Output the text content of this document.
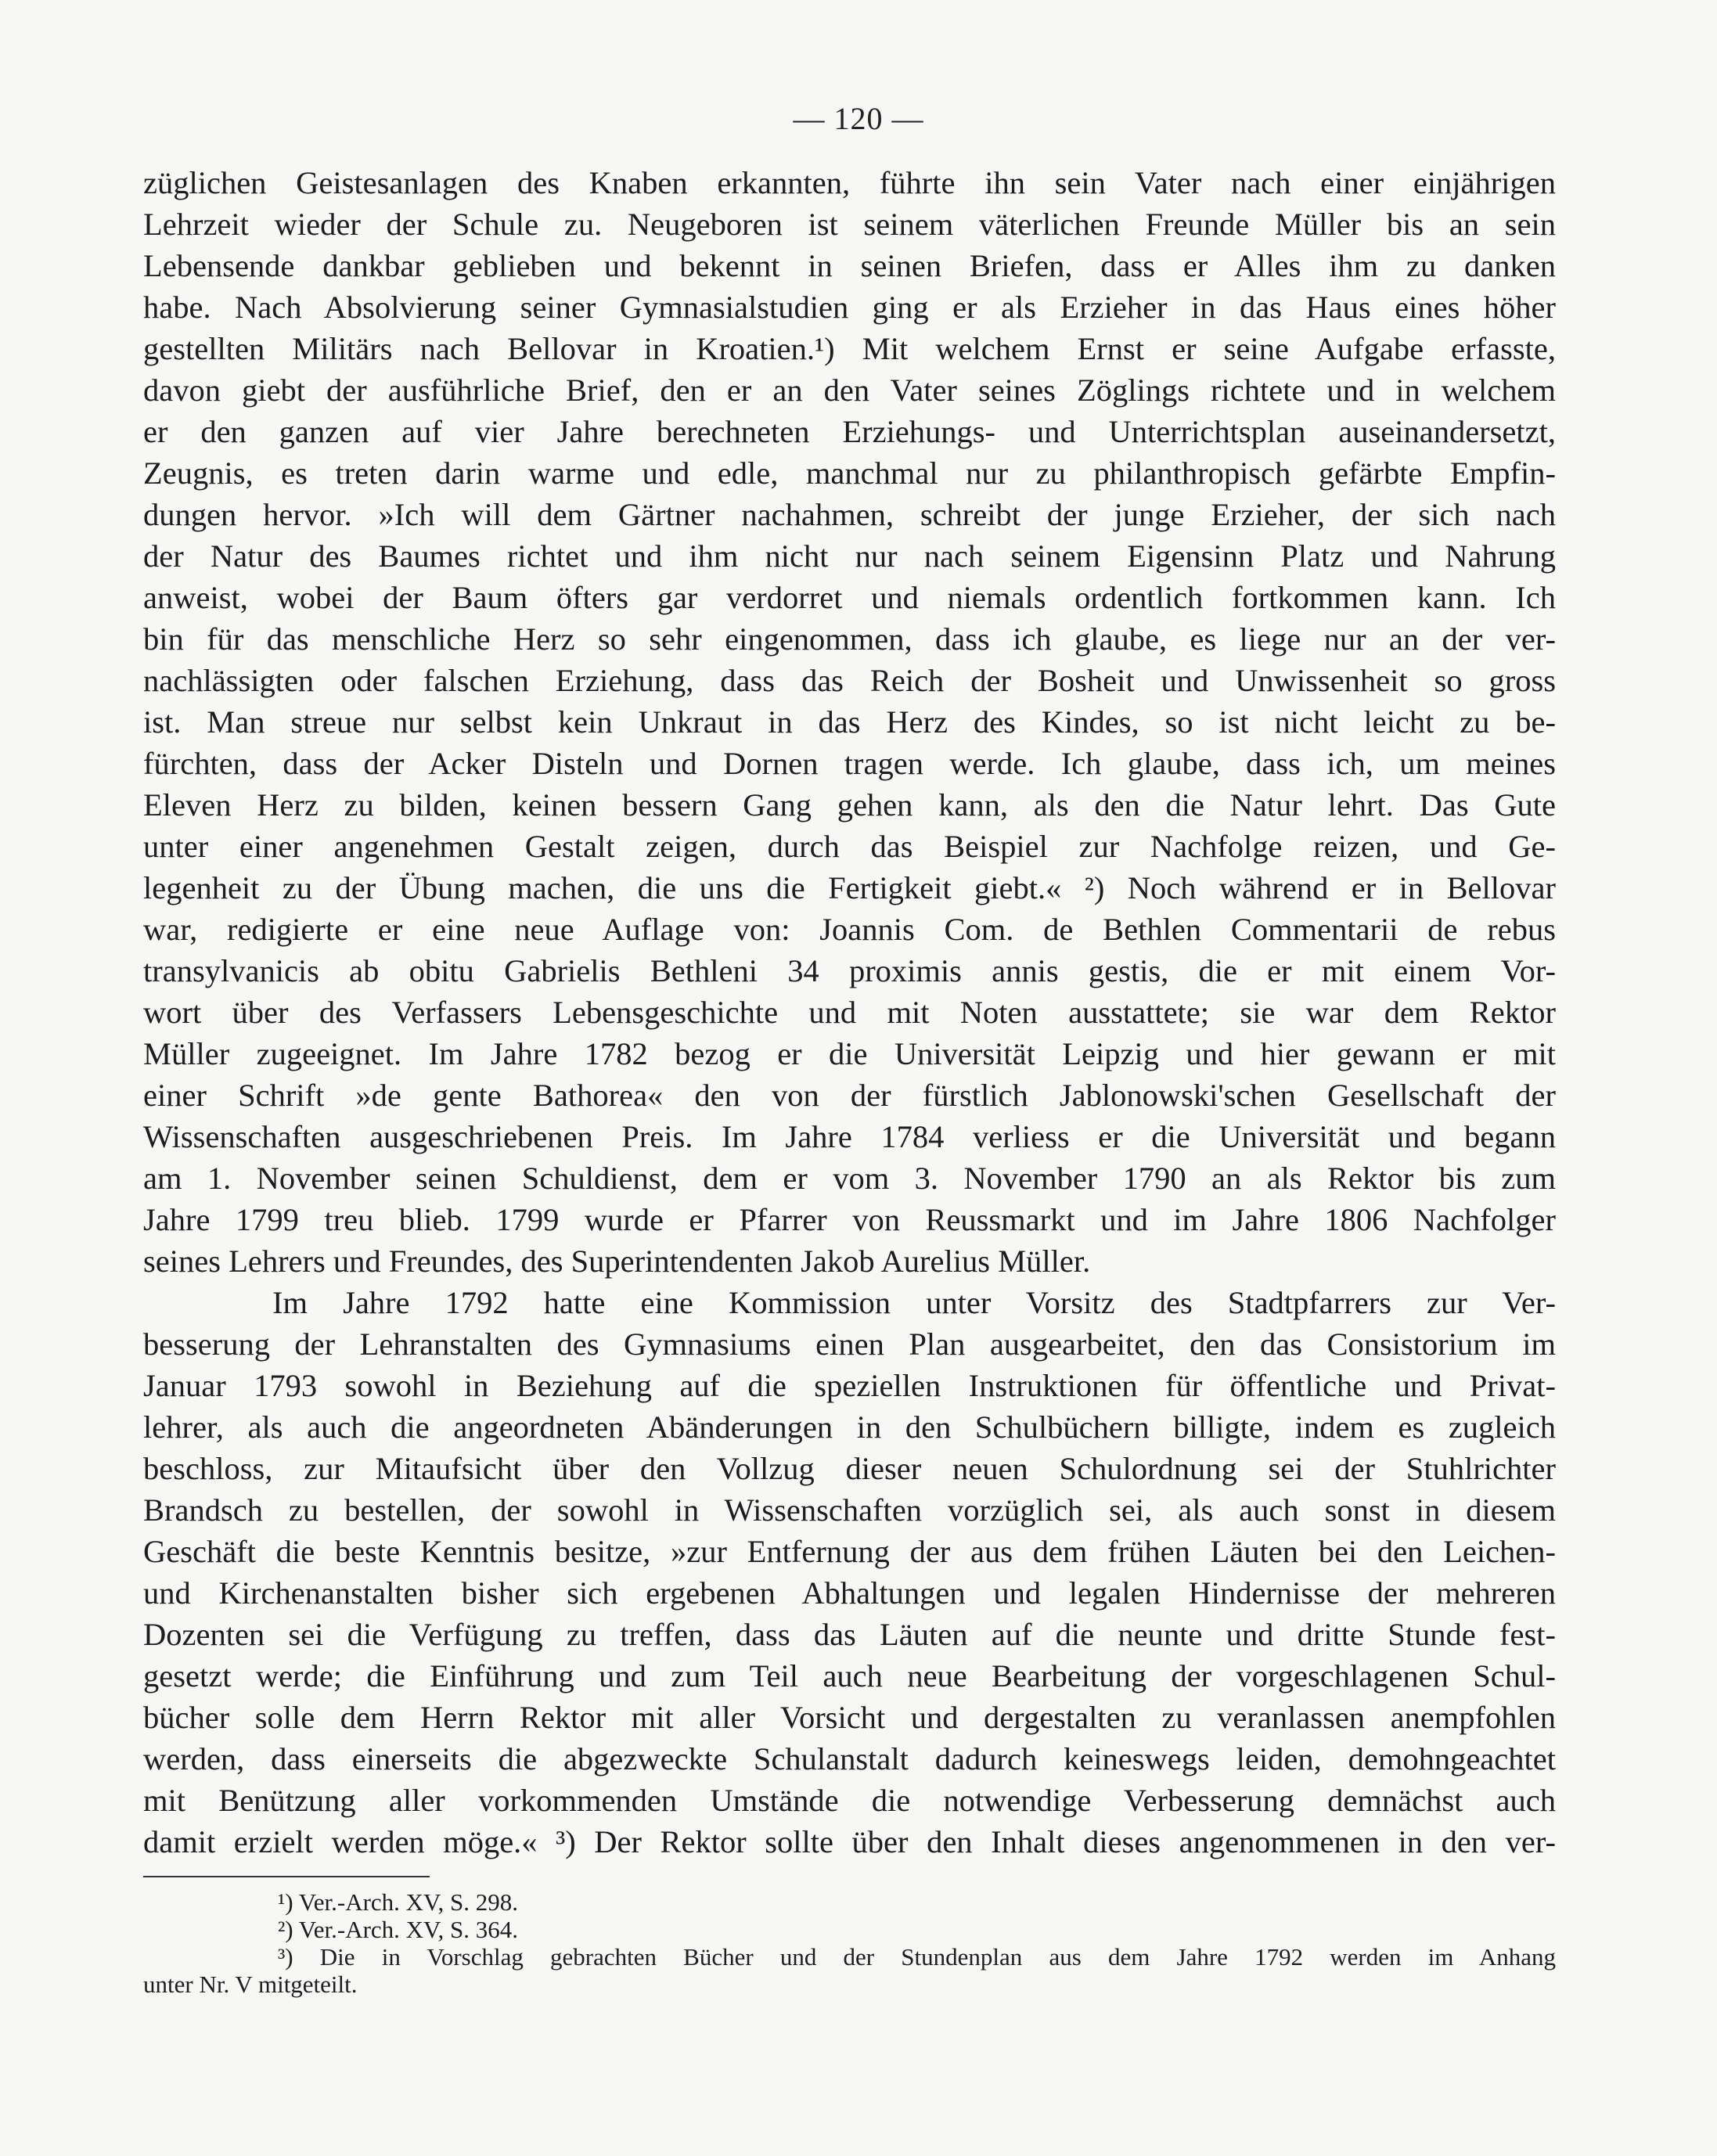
— 120 —
züglichen Geistesanlagen des Knaben erkannten, führte ihn sein Vater nach einer einjährigen
Lehrzeit wieder der Schule zu. Neugeboren ist seinem väterlichen Freunde Müller bis an sein
Lebensende dankbar geblieben und bekennt in seinen Briefen, dass er Alles ihm zu danken
habe. Nach Absolvierung seiner Gymnasialstudien ging er als Erzieher in das Haus eines höher
gestellten Militärs nach Bellovar in Kroatien.¹) Mit welchem Ernst er seine Aufgabe erfasste,
davon giebt der ausführliche Brief, den er an den Vater seines Zöglings richtete und in welchem
er den ganzen auf vier Jahre berechneten Erziehungs- und Unterrichtsplan auseinandersetzt,
Zeugnis, es treten darin warme und edle, manchmal nur zu philanthropisch gefärbte Empfin-
dungen hervor. »Ich will dem Gärtner nachahmen, schreibt der junge Erzieher, der sich nach
der Natur des Baumes richtet und ihm nicht nur nach seinem Eigensinn Platz und Nahrung
anweist, wobei der Baum öfters gar verdorret und niemals ordentlich fortkommen kann. Ich
bin für das menschliche Herz so sehr eingenommen, dass ich glaube, es liege nur an der ver-
nachlässigten oder falschen Erziehung, dass das Reich der Bosheit und Unwissenheit so gross
ist. Man streue nur selbst kein Unkraut in das Herz des Kindes, so ist nicht leicht zu be-
fürchten, dass der Acker Disteln und Dornen tragen werde. Ich glaube, dass ich, um meines
Eleven Herz zu bilden, keinen bessern Gang gehen kann, als den die Natur lehrt. Das Gute
unter einer angenehmen Gestalt zeigen, durch das Beispiel zur Nachfolge reizen, und Ge-
legenheit zu der Übung machen, die uns die Fertigkeit giebt.« ²) Noch während er in Bellovar
war, redigierte er eine neue Auflage von: Joannis Com. de Bethlen Commentarii de rebus
transylvanicis ab obitu Gabrielis Bethleni 34 proximis annis gestis, die er mit einem Vor-
wort über des Verfassers Lebensgeschichte und mit Noten ausstattete; sie war dem Rektor
Müller zugeeignet. Im Jahre 1782 bezog er die Universität Leipzig und hier gewann er mit
einer Schrift »de gente Bathorea« den von der fürstlich Jablonowski'schen Gesellschaft der
Wissenschaften ausgeschriebenen Preis. Im Jahre 1784 verliess er die Universität und begann
am 1. November seinen Schuldienst, dem er vom 3. November 1790 an als Rektor bis zum
Jahre 1799 treu blieb. 1799 wurde er Pfarrer von Reussmarkt und im Jahre 1806 Nachfolger
seines Lehrers und Freundes, des Superintendenten Jakob Aurelius Müller.
Im Jahre 1792 hatte eine Kommission unter Vorsitz des Stadtpfarrers zur Ver-
besserung der Lehranstalten des Gymnasiums einen Plan ausgearbeitet, den das Consistorium im
Januar 1793 sowohl in Beziehung auf die speziellen Instruktionen für öffentliche und Privat-
lehrer, als auch die angeordneten Abänderungen in den Schulbüchern billigte, indem es zugleich
beschloss, zur Mitaufsicht über den Vollzug dieser neuen Schulordnung sei der Stuhlrichter
Brandsch zu bestellen, der sowohl in Wissenschaften vorzüglich sei, als auch sonst in diesem
Geschäft die beste Kenntnis besitze, »zur Entfernung der aus dem frühen Läuten bei den Leichen-
und Kirchenanstalten bisher sich ergebenen Abhaltungen und legalen Hindernisse der mehreren
Dozenten sei die Verfügung zu treffen, dass das Läuten auf die neunte und dritte Stunde fest-
gesetzt werde; die Einführung und zum Teil auch neue Bearbeitung der vorgeschlagenen Schul-
bücher solle dem Herrn Rektor mit aller Vorsicht und dergestalten zu veranlassen anempfohlen
werden, dass einerseits die abgezweckte Schulanstalt dadurch keineswegs leiden, demohngeachtet
mit Benützung aller vorkommenden Umstände die notwendige Verbesserung demnächst auch
damit erzielt werden möge.« ³) Der Rektor sollte über den Inhalt dieses angenommenen in den ver-
¹) Ver.-Arch. XV, S. 298.
²) Ver.-Arch. XV, S. 364.
³) Die in Vorschlag gebrachten Bücher und der Stundenplan aus dem Jahre 1792 werden im Anhang
unter Nr. V mitgeteilt.
